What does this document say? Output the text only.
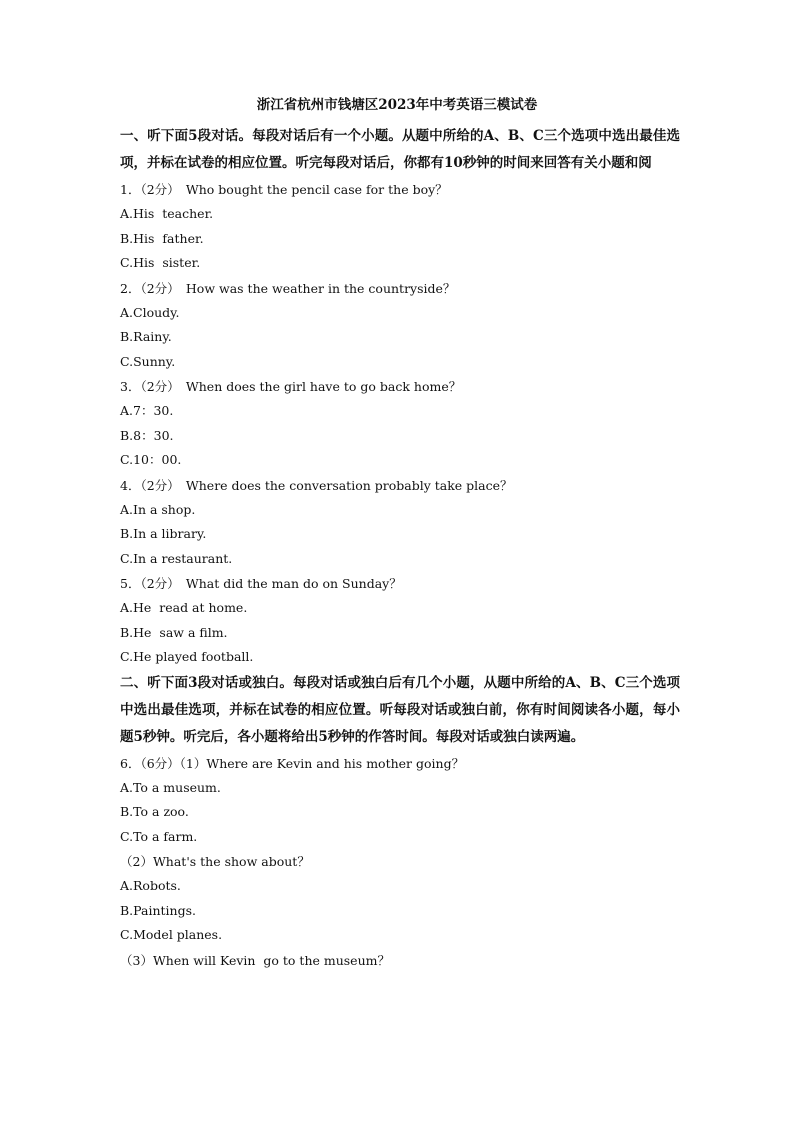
浙江省杭州市钱塘区2023年中考英语三模试卷
一、听下面5段对话。每段对话后有一个小题。从题中所给的A、B、C三个选项中选出最佳选项，并标在试卷的相应位置。听完每段对话后，你都有10秒钟的时间来回答有关小题和阅
1．（2分）　Who bought the pencil case for the boy？
A.His  teacher.
B.His  father.
C.His  sister.
2．（2分）　How was the weather in the countryside？
A.Cloudy.
B.Rainy.
C.Sunny.
3．（2分）　When does the girl have to go back home？
A.7：30.
B.8：30.
C.10：00.
4．（2分）　Where does the conversation probably take place？
A.In a shop.
B.In a library.
C.In a restaurant.
5．（2分）　What did the man do on Sunday？
A.He  read at home.
B.He  saw a film.
C.He played football.
二、听下面3段对话或独白。每段对话或独白后有几个小题，从题中所给的A、B、C三个选项中选出最佳选项，并标在试卷的相应位置。听每段对话或独白前，你有时间阅读各小题，每小题5秒钟。听完后，各小题将给出5秒钟的作答时间。每段对话或独白读两遍。
6．（6分）（1）Where are Kevin and his mother going？
A.To a museum.
B.To a zoo.
C.To a farm.
（2）What's the show about？
A.Robots.
B.Paintings.
C.Model planes.
（3）When will Kevin  go to the museum？
